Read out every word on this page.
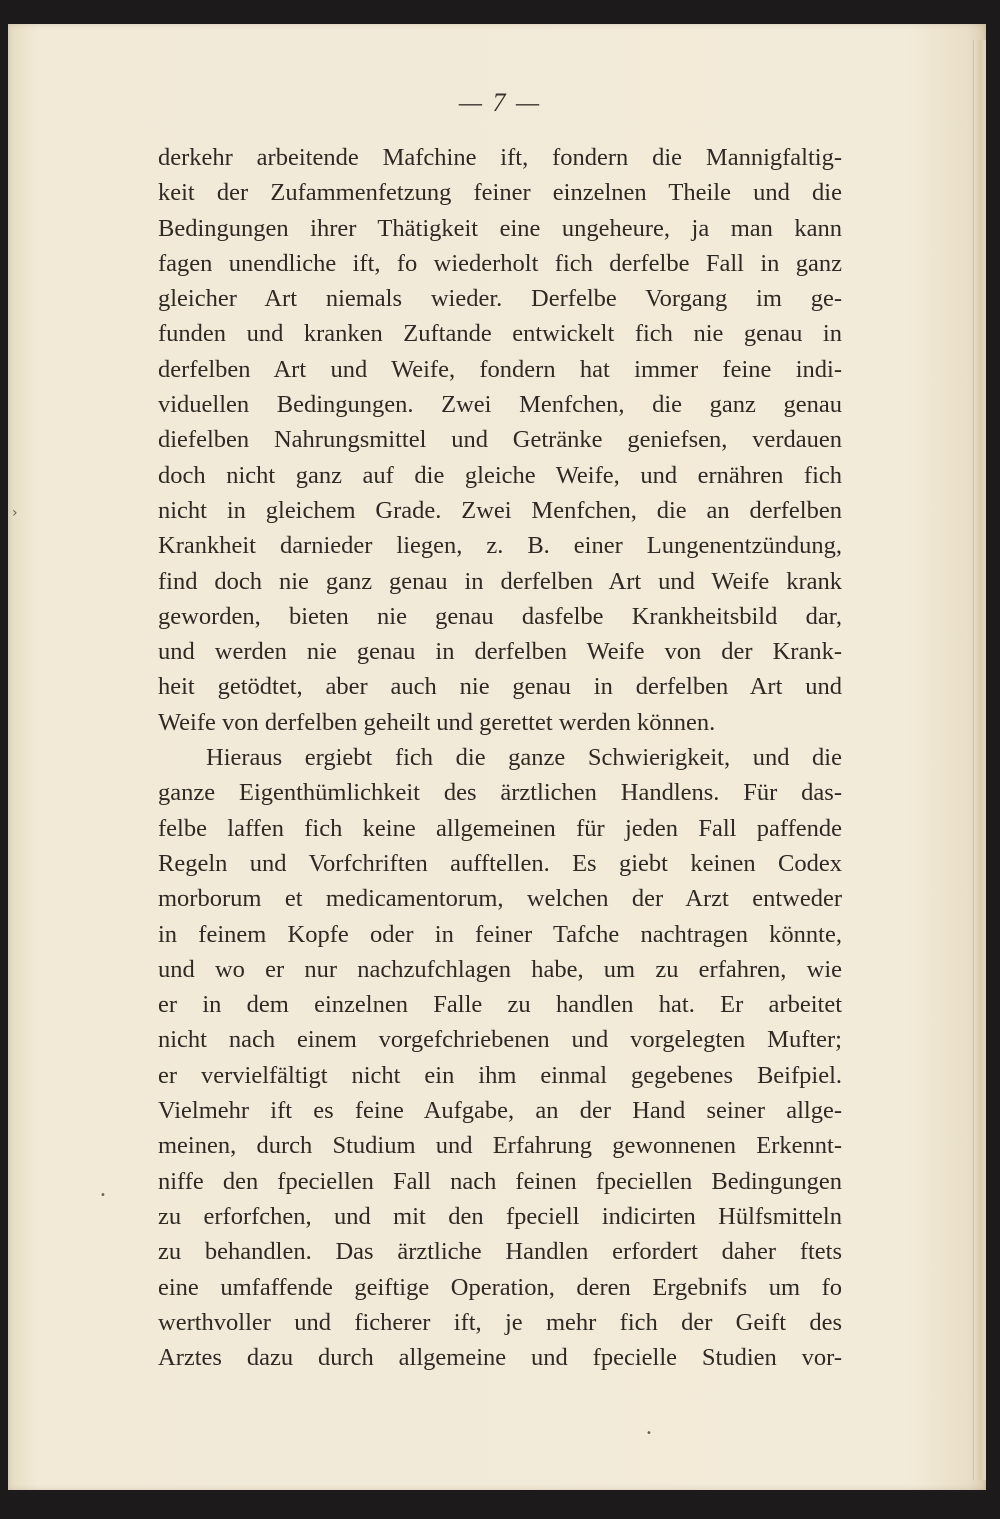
— 7 —
derkehr arbeitende Mafchine ift, fondern die Mannigfaltig-
keit der Zufammenfetzung feiner einzelnen Theile und die
Bedingungen ihrer Thätigkeit eine ungeheure, ja man kann
fagen unendliche ift, fo wiederholt fich derfelbe Fall in ganz
gleicher Art niemals wieder. Derfelbe Vorgang im ge-
funden und kranken Zuftande entwickelt fich nie genau in
derfelben Art und Weife, fondern hat immer feine indi-
viduellen Bedingungen. Zwei Menfchen, die ganz genau
diefelben Nahrungsmittel und Getränke geniefsen, verdauen
doch nicht ganz auf die gleiche Weife, und ernähren fich
nicht in gleichem Grade. Zwei Menfchen, die an derfelben
Krankheit darnieder liegen, z. B. einer Lungenentzündung,
find doch nie ganz genau in derfelben Art und Weife krank
geworden, bieten nie genau dasfelbe Krankheitsbild dar,
und werden nie genau in derfelben Weife von der Krank-
heit getödtet, aber auch nie genau in derfelben Art und
Weife von derfelben geheilt und gerettet werden können.
Hieraus ergiebt fich die ganze Schwierigkeit, und die
ganze Eigenthümlichkeit des ärztlichen Handlens. Für das-
felbe laffen fich keine allgemeinen für jeden Fall paffende
Regeln und Vorfchriften aufftellen. Es giebt keinen Codex
morborum et medicamentorum, welchen der Arzt entweder
in feinem Kopfe oder in feiner Tafche nachtragen könnte,
und wo er nur nachzufchlagen habe, um zu erfahren, wie
er in dem einzelnen Falle zu handlen hat. Er arbeitet
nicht nach einem vorgefchriebenen und vorgelegten Mufter;
er vervielfältigt nicht ein ihm einmal gegebenes Beifpiel.
Vielmehr ift es feine Aufgabe, an der Hand seiner allge-
meinen, durch Studium und Erfahrung gewonnenen Erkennt-
niffe den fpeciellen Fall nach feinen fpeciellen Bedingungen
zu erforfchen, und mit den fpeciell indicirten Hülfsmitteln
zu behandlen. Das ärztliche Handlen erfordert daher ftets
eine umfaffende geiftige Operation, deren Ergebnifs um fo
werthvoller und ficherer ift, je mehr fich der Geift des
Arztes dazu durch allgemeine und fpecielle Studien vor-
›
•
•
